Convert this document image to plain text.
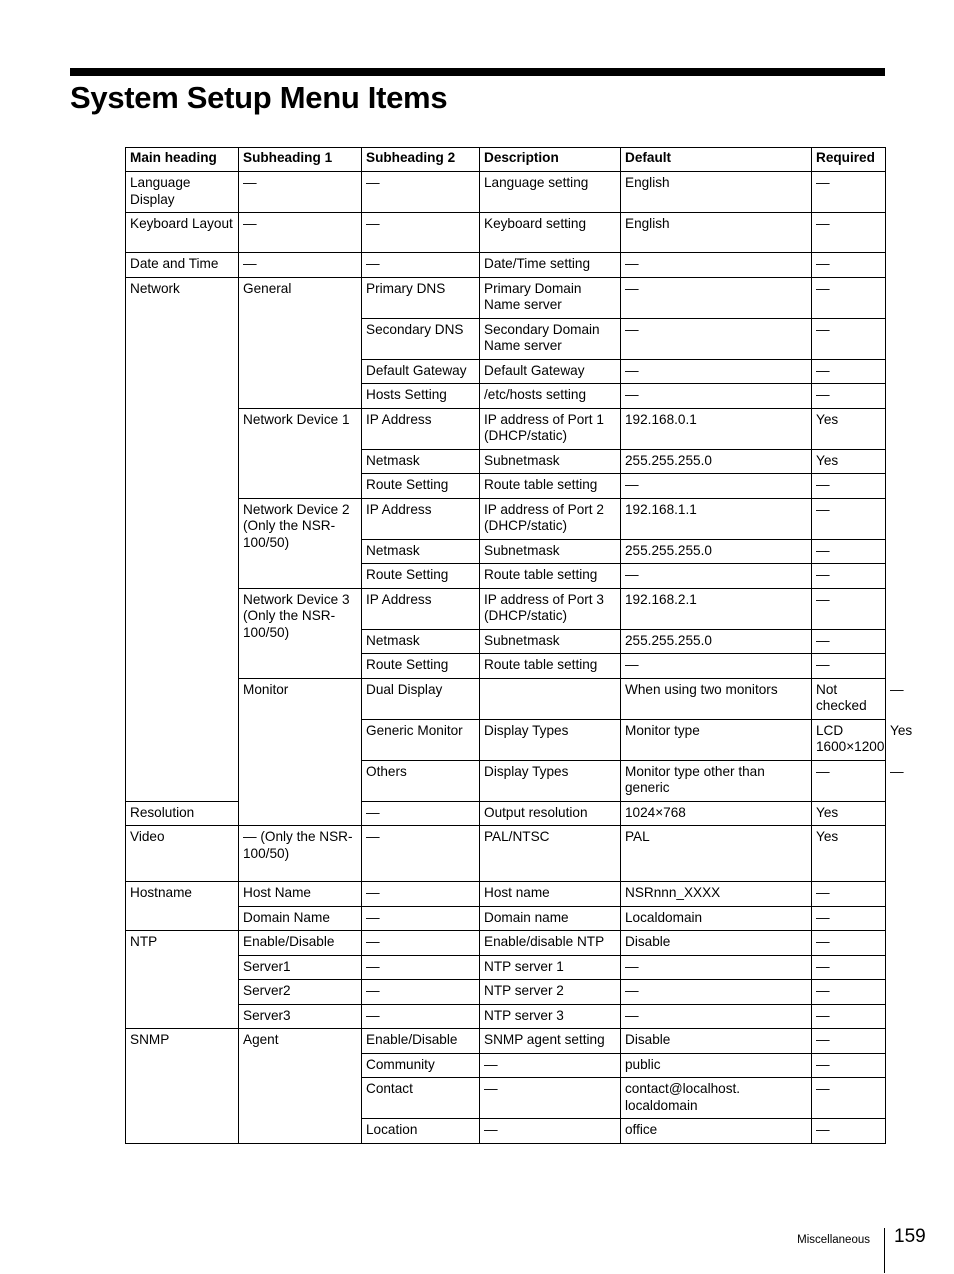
System Setup Menu Items
Main heading	Subheading 1	Subheading 2	Description	Default	Required	
Language Display	—	—	Language setting	English	—	
Keyboard Layout	—	—	Keyboard setting	English	—	
Date and Time	—	—	Date/Time setting	—	—	
Network	General	Primary DNS	Primary Domain Name server	—	—	
		Secondary DNS	Secondary Domain Name server	—	—	
		Default Gateway	Default Gateway	—	—	
		Hosts Setting	/etc/hosts setting	—	—	
	Network Device 1	IP Address	IP address of Port 1 (DHCP/static)	192.168.0.1	Yes	
		Netmask	Subnetmask	255.255.255.0	Yes	
		Route Setting	Route table setting	—	—	
	Network Device 2 (Only the NSR-100/50)	IP Address	IP address of Port 2 (DHCP/static)	192.168.1.1	—	
		Netmask	Subnetmask	255.255.255.0	—	
		Route Setting	Route table setting	—	—	
	Network Device 3 (Only the NSR-100/50)	IP Address	IP address of Port 3 (DHCP/static)	192.168.2.1	—	
		Netmask	Subnetmask	255.255.255.0	—	
		Route Setting	Route table setting	—	—	
	Monitor	Dual Display		When using two monitors	Not checked	—
		Generic Monitor	Display Types	Monitor type	LCD 1600×1200	Yes
		Others	Display Types	Monitor type other than generic	—	—
Resolution		—	Output resolution	1024×768	Yes	
Video	— (Only the NSR-100/50)	—	PAL/NTSC	PAL	Yes	
Hostname	Host Name	—	Host name	NSRnnn_XXXX	—	
	Domain Name	—	Domain name	Localdomain	—	
NTP	Enable/Disable	—	Enable/disable NTP	Disable	—	
	Server1	—	NTP server 1	—	—	
	Server2	—	NTP server 2	—	—	
	Server3	—	NTP server 3	—	—	
SNMP	Agent	Enable/Disable	SNMP agent setting	Disable	—	
		Community	—	public	—	
		Contact	—	contact@localhost. localdomain	—	
		Location	—	office	—	
Miscellaneous 159
